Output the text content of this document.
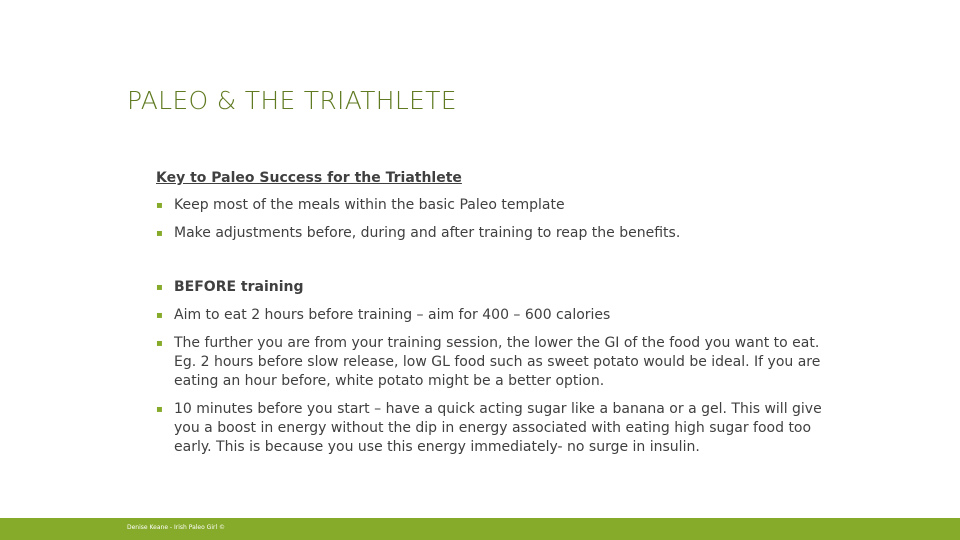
PALEO & THE TRIATHLETE
Key to Paleo Success for the Triathlete
▪ Keep most of the meals within the basic Paleo template
▪ Make adjustments before, during and after training to reap the benefits.
▪ BEFORE training
▪ Aim to eat 2 hours before training – aim for 400 – 600 calories
▪ The further you are from your training session, the lower the GI of the food you want to eat. Eg. 2 hours before slow release, low GL food such as sweet potato would be ideal. If you are eating an hour before, white potato might be a better option.
▪ 10 minutes before you start – have a quick acting sugar like a banana or a gel. This will give you a boost in energy without the dip in energy associated with eating high sugar food too early. This is because you use this energy immediately- no surge in insulin.
Denise Keane - Irish Paleo Girl ©
